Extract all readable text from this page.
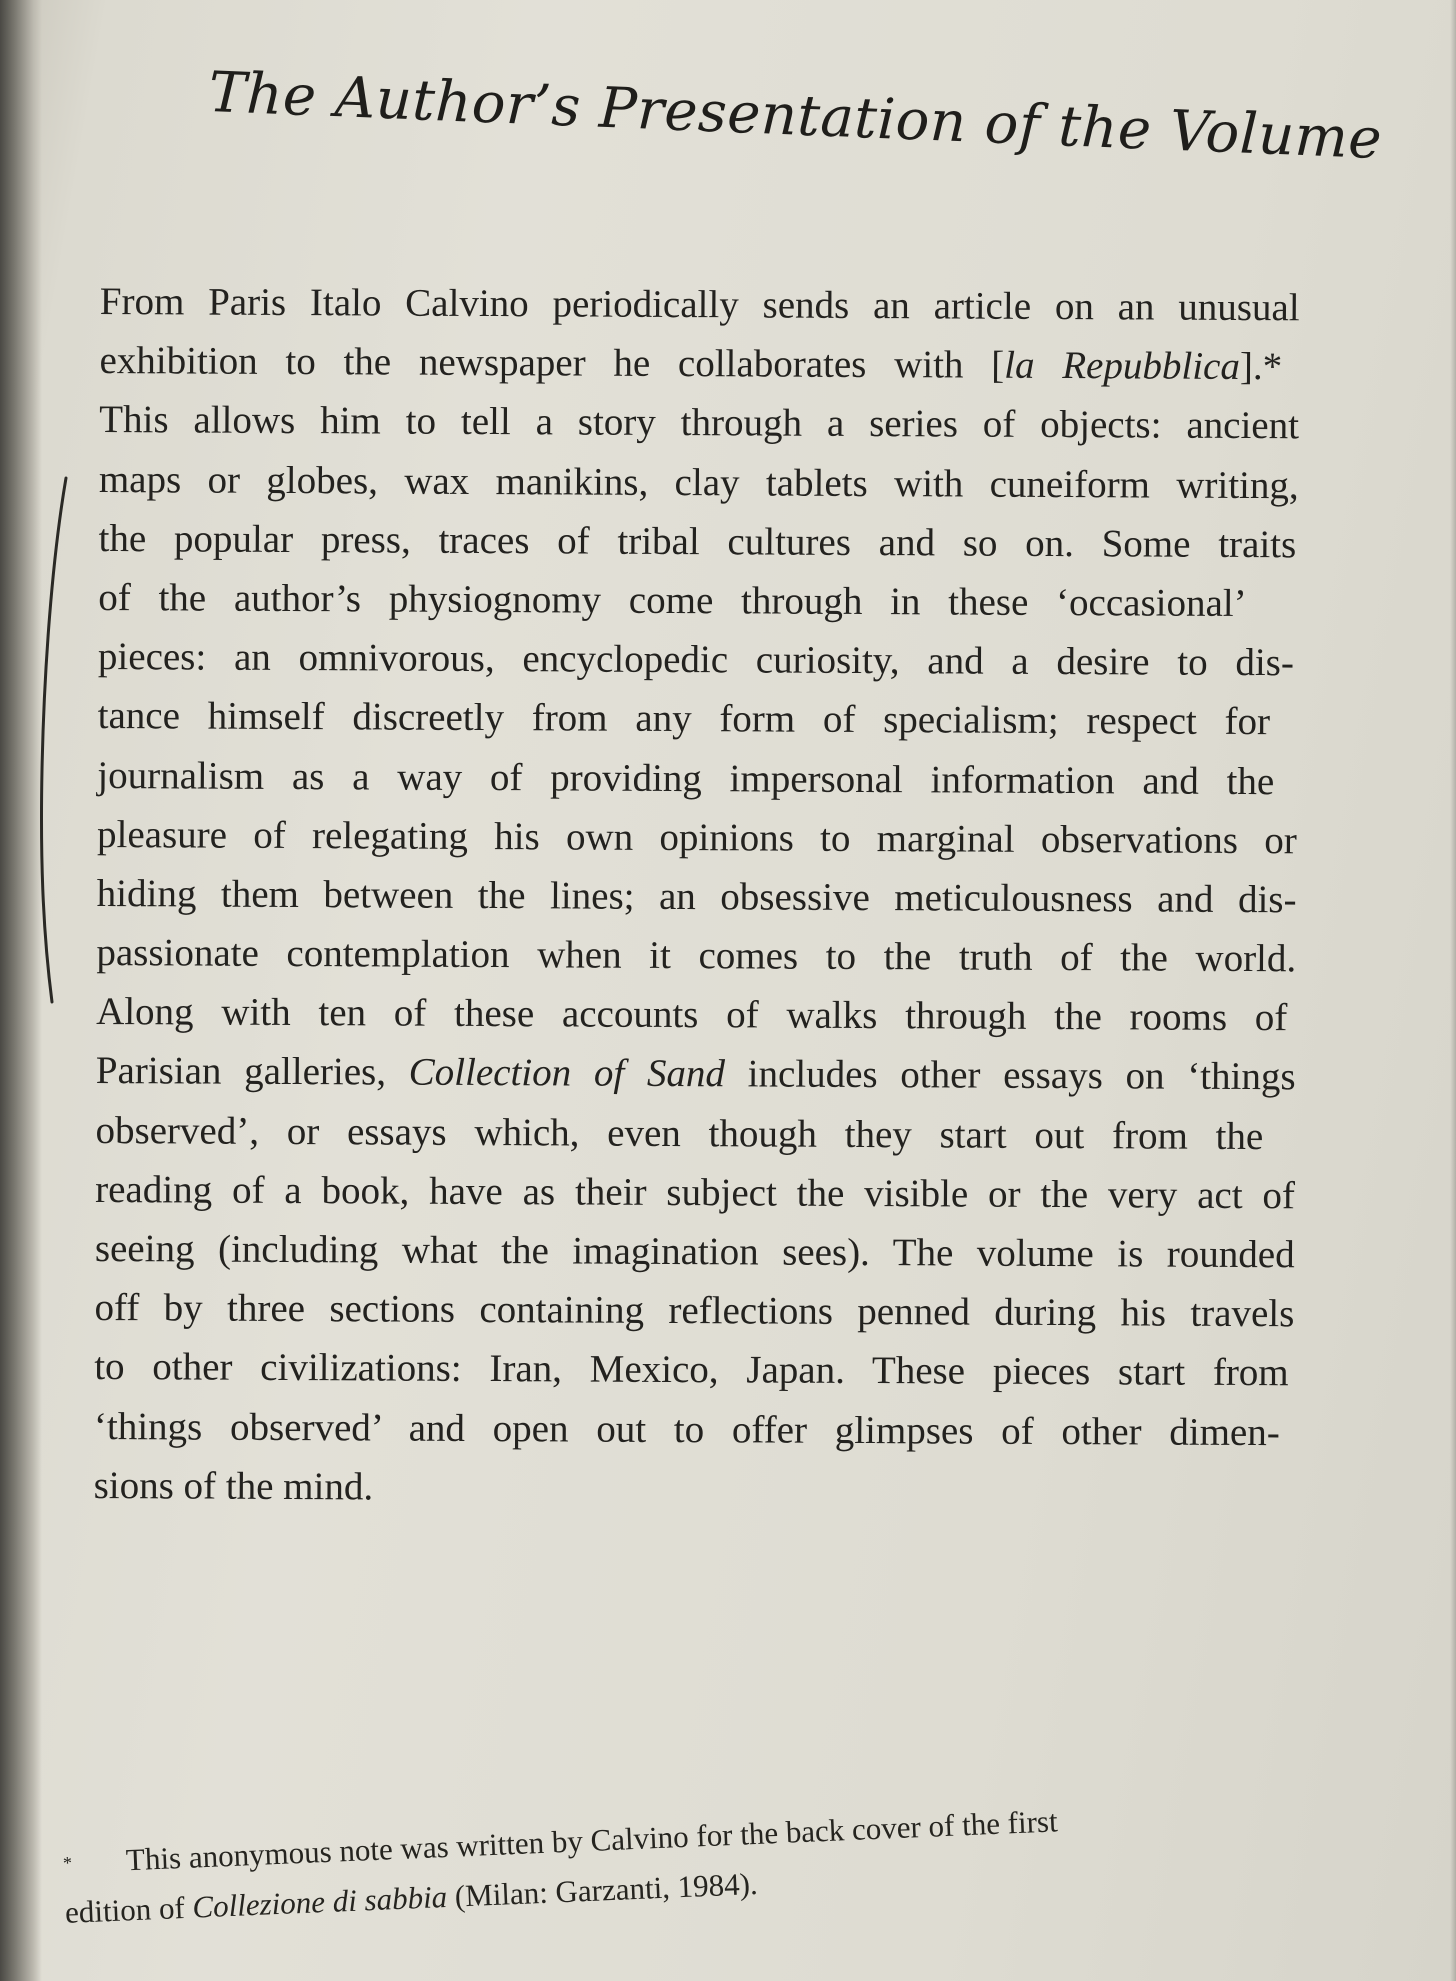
The Author’s Presentation of the Volume
From Paris Italo Calvino periodically sends an article on an unusual
exhibition to the newspaper he collaborates with [la Repubblica].*
This allows him to tell a story through a series of objects: ancient
maps or globes, wax manikins, clay tablets with cuneiform writing,
the popular press, traces of tribal cultures and so on. Some traits
of the author’s physiognomy come through in these ‘occasional’
pieces: an omnivorous, encyclopedic curiosity, and a desire to dis-
tance himself discreetly from any form of specialism; respect for
journalism as a way of providing impersonal information and the
pleasure of relegating his own opinions to marginal observations or
hiding them between the lines; an obsessive meticulousness and dis-
passionate contemplation when it comes to the truth of the world.
Along with ten of these accounts of walks through the rooms of
Parisian galleries, Collection of Sand includes other essays on ‘things
observed’, or essays which, even though they start out from the
reading of a book, have as their subject the visible or the very act of
seeing (including what the imagination sees). The volume is rounded
off by three sections containing reflections penned during his travels
to other civilizations: Iran, Mexico, Japan. These pieces start from
‘things observed’ and open out to offer glimpses of other dimen-
sions of the mind.
* This anonymous note was written by Calvino for the back cover of the first
edition of Collezione di sabbia (Milan: Garzanti, 1984).
